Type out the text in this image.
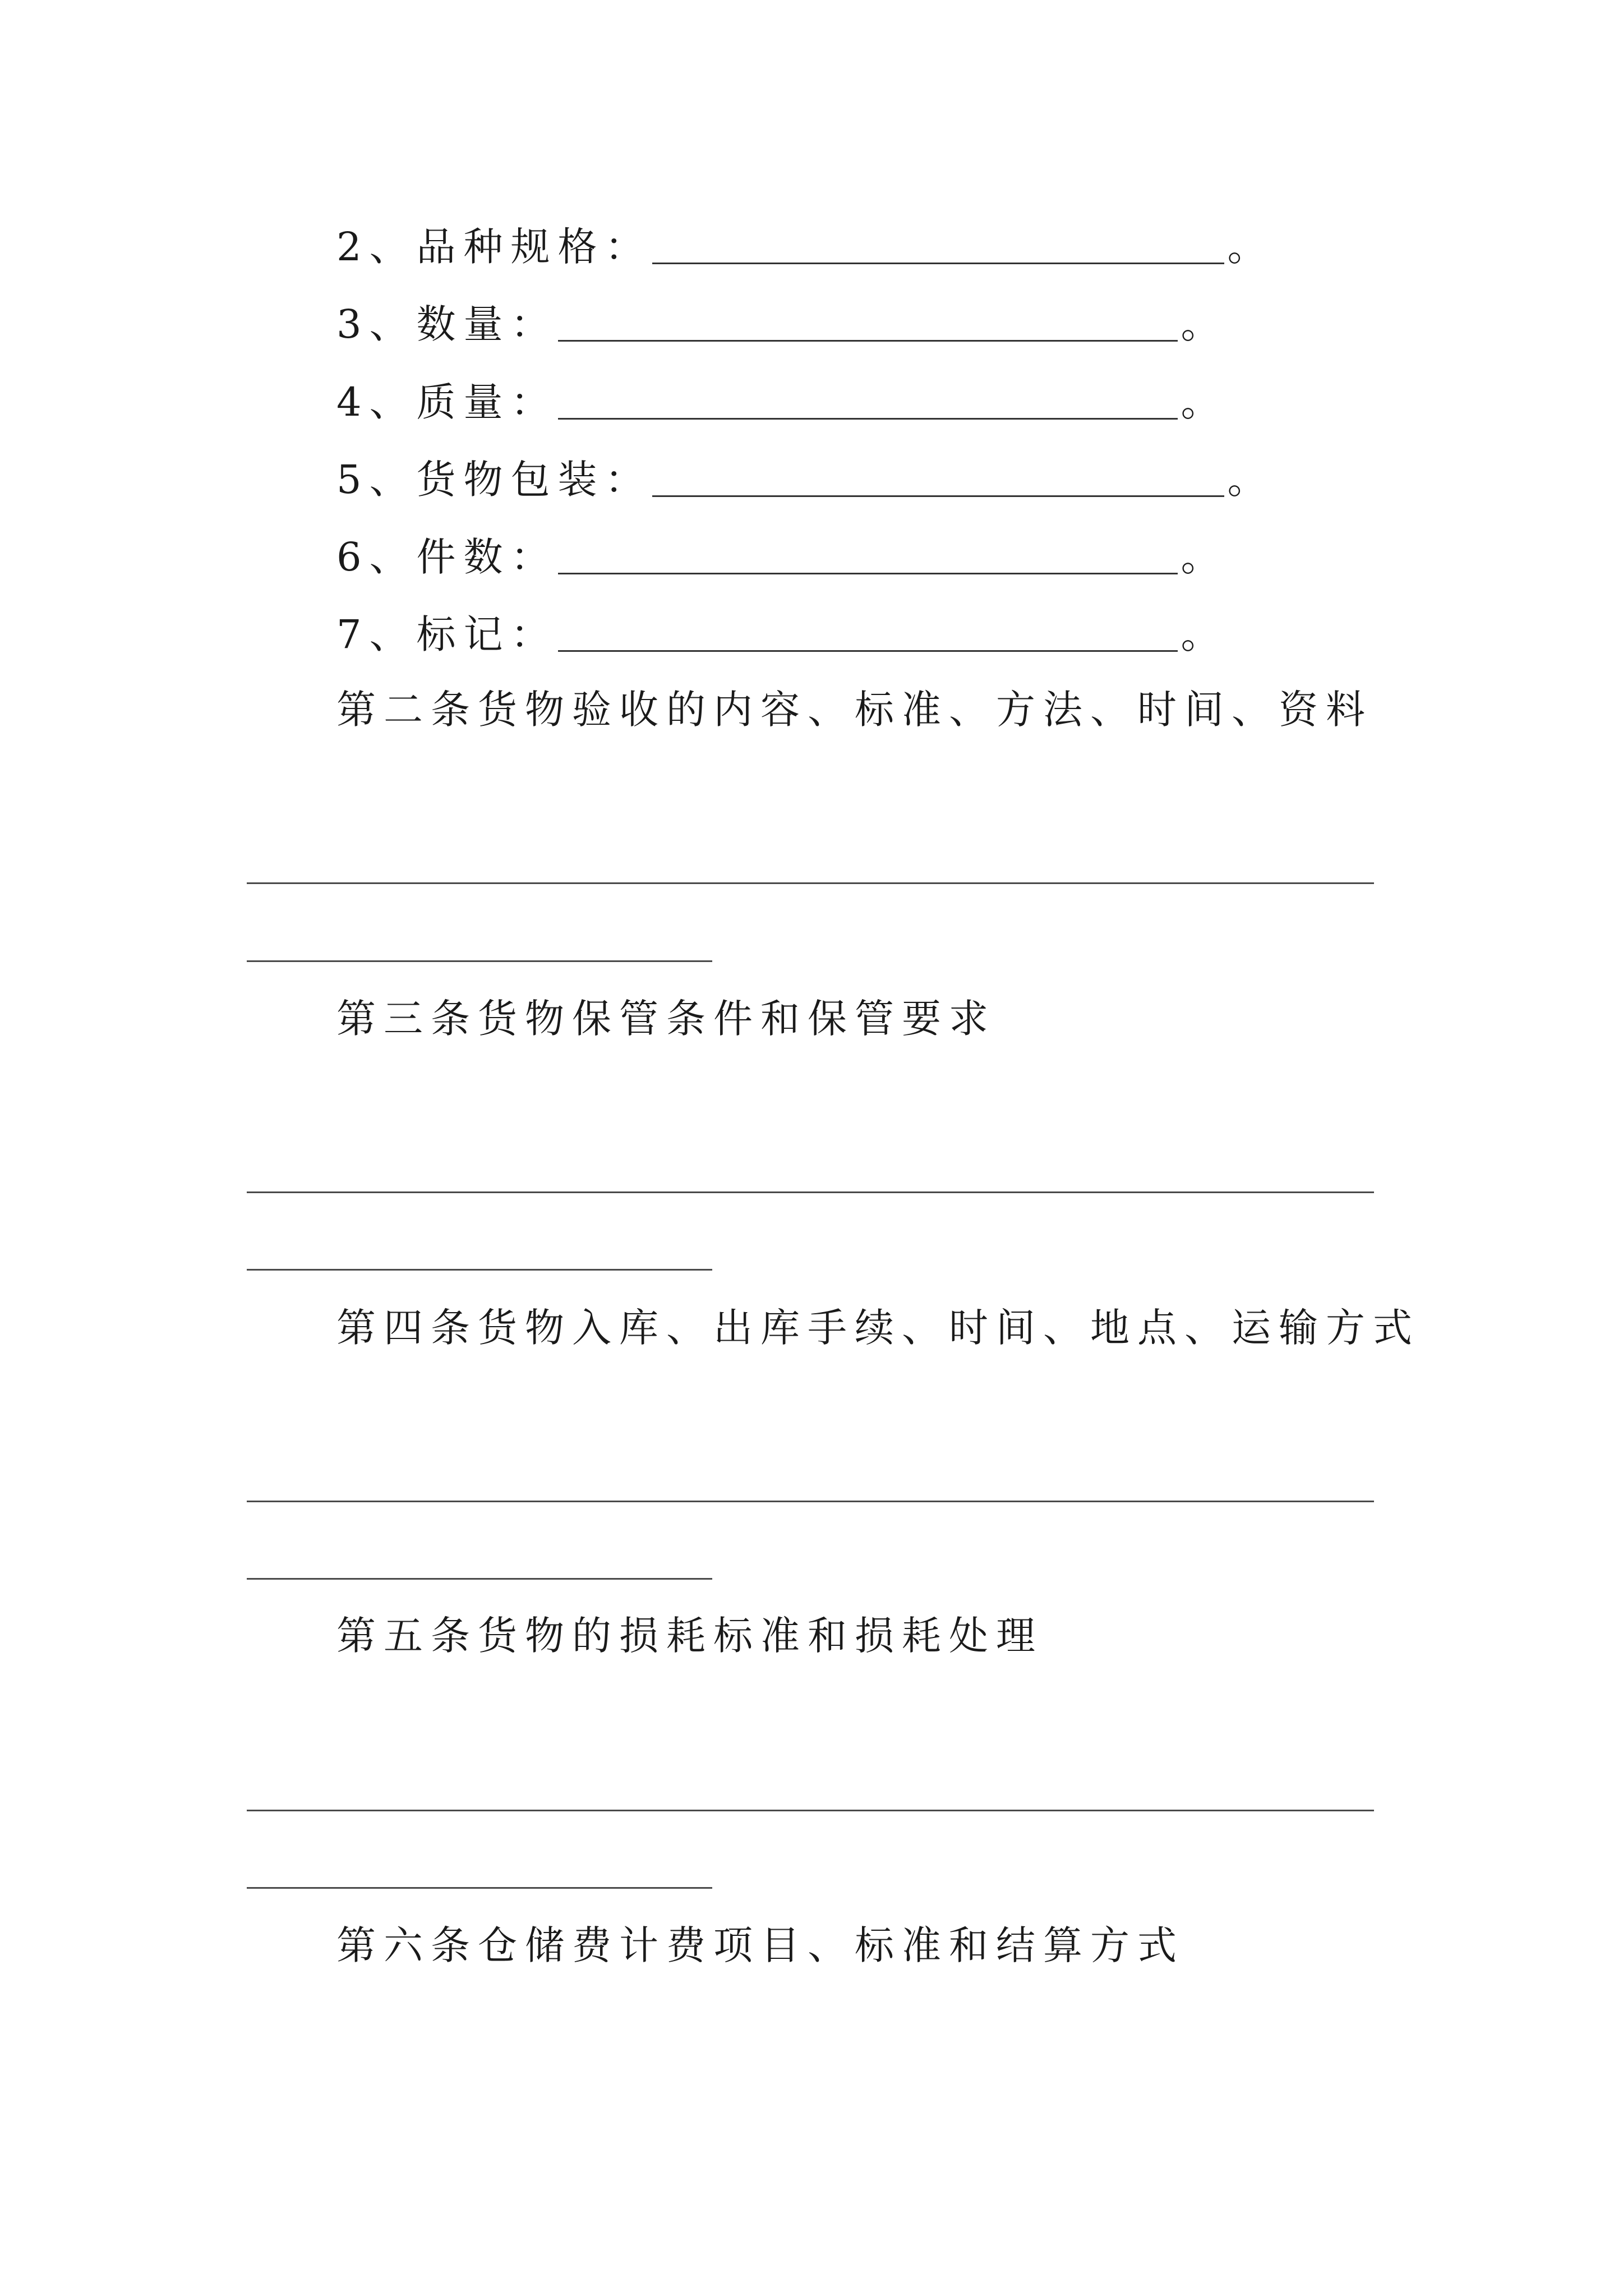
2、品种规格：	。
3、数量：	。
4、质量：	。
5、货物包装：	。
6、件数：	。
7、标记：	。
第二条货物验收的内容、标准、方法、时间、资料
第三条货物保管条件和保管要求
第四条货物入库、出库手续、时间、地点、运输方式
第五条货物的损耗标准和损耗处理
第六条仓储费计费项目、标准和结算方式
